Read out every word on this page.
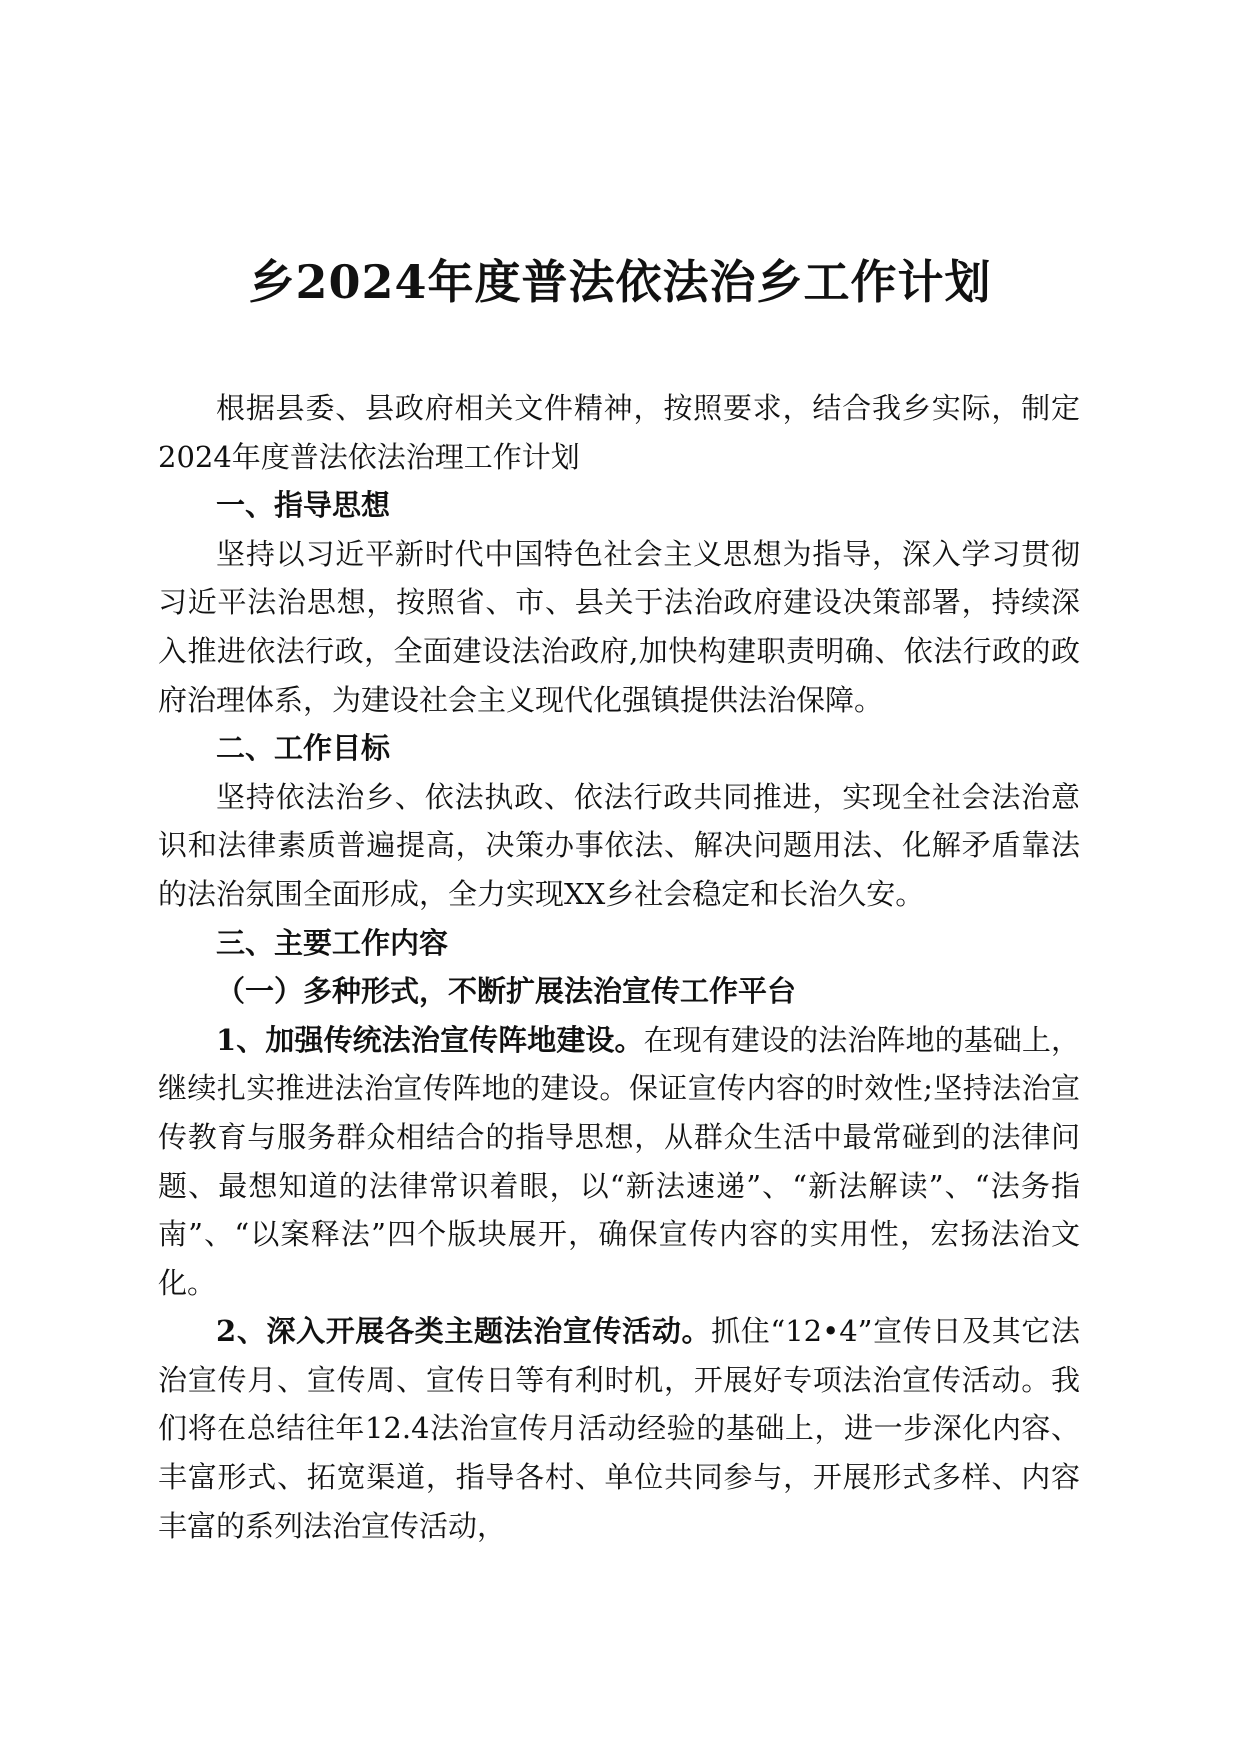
乡2024年度普法依法治乡工作计划

根据县委、县政府相关文件精神，按照要求，结合我乡实际，制定2024年度普法依法治理工作计划

一、指导思想

坚持以习近平新时代中国特色社会主义思想为指导，深入学习贯彻习近平法治思想，按照省、市、县关于法治政府建设决策部署，持续深入推进依法行政，全面建设法治政府,加快构建职责明确、依法行政的政府治理体系，为建设社会主义现代化强镇提供法治保障。

二、工作目标

坚持依法治乡、依法执政、依法行政共同推进，实现全社会法治意识和法律素质普遍提高，决策办事依法、解决问题用法、化解矛盾靠法的法治氛围全面形成，全力实现XX乡社会稳定和长治久安。

三、主要工作内容

（一）多种形式，不断扩展法治宣传工作平台

1、加强传统法治宣传阵地建设。在现有建设的法治阵地的基础上，继续扎实推进法治宣传阵地的建设。保证宣传内容的时效性;坚持法治宣传教育与服务群众相结合的指导思想，从群众生活中最常碰到的法律问题、最想知道的法律常识着眼，以“新法速递”、“新法解读”、“法务指南”、“以案释法”四个版块展开，确保宣传内容的实用性，宏扬法治文化。

2、深入开展各类主题法治宣传活动。抓住“12•4”宣传日及其它法治宣传月、宣传周、宣传日等有利时机，开展好专项法治宣传活动。我们将在总结往年12.4法治宣传月活动经验的基础上，进一步深化内容、丰富形式、拓宽渠道，指导各村、单位共同参与，开展形式多样、内容丰富的系列法治宣传活动，
